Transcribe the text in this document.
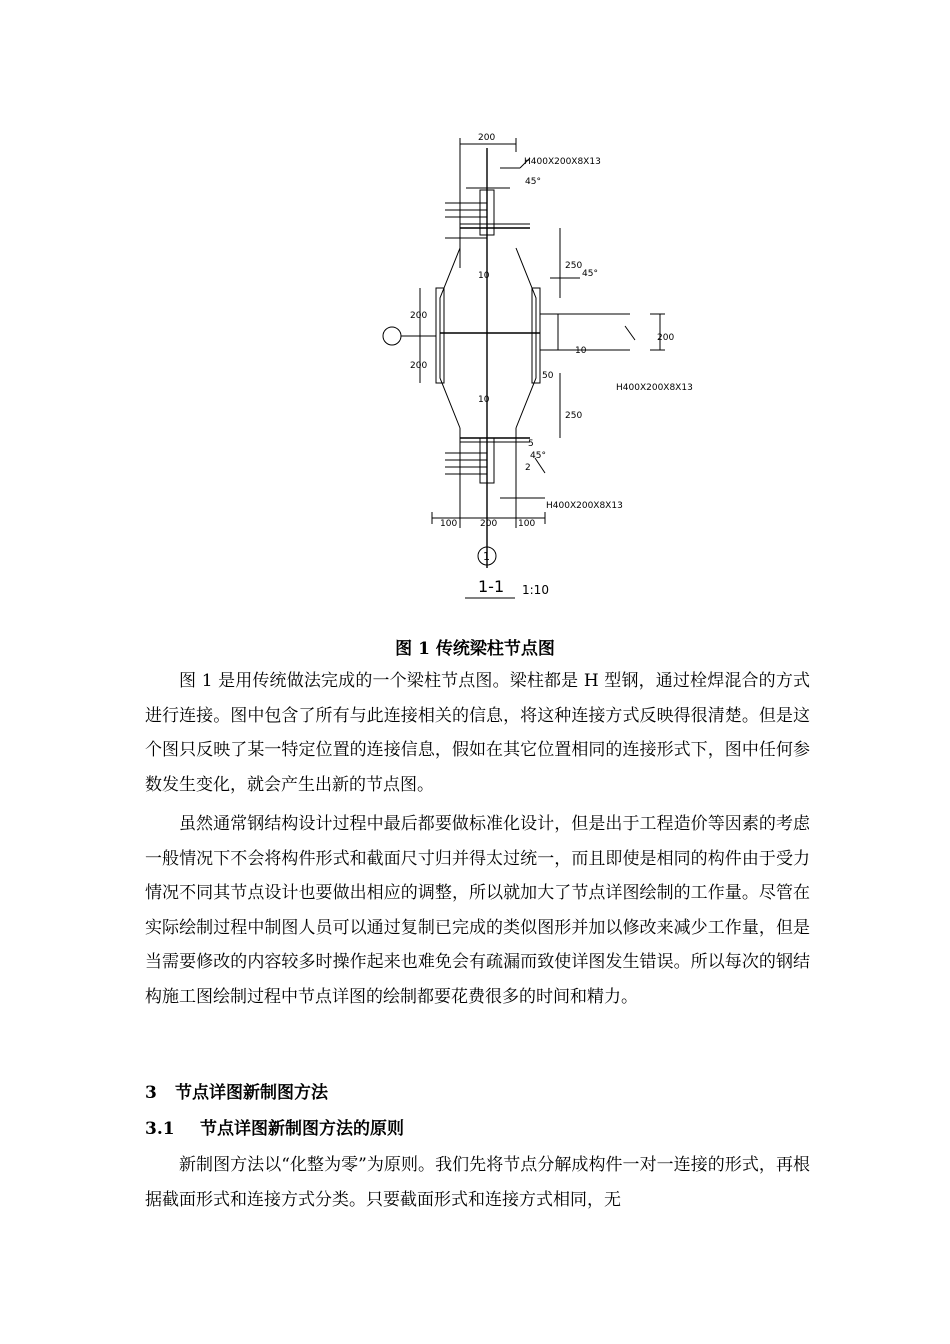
200
H400X200X8X13
45°
250
45°
200
200
200
10
10
10
50
H400X200X8X13
250
5
45°
2
H400X200X8X13
100	200 100
1
1-1 1:10
图 1 传统梁柱节点图

图 1 是用传统做法完成的一个梁柱节点图。梁柱都是 H 型钢，通过栓焊混合的方式进行连接。图中包含了所有与此连接相关的信息，将这种连接方式反映得很清楚。但是这个图只反映了某一特定位置的连接信息，假如在其它位置相同的连接形式下，图中任何参数发生变化，就会产生出新的节点图。

虽然通常钢结构设计过程中最后都要做标准化设计，但是出于工程造价等因素的考虑一般情况下不会将构件形式和截面尺寸归并得太过统一，而且即使是相同的构件由于受力情况不同其节点设计也要做出相应的调整，所以就加大了节点详图绘制的工作量。尽管在实际绘制过程中制图人员可以通过复制已完成的类似图形并加以修改来减少工作量，但是当需要修改的内容较多时操作起来也难免会有疏漏而致使详图发生错误。所以每次的钢结构施工图绘制过程中节点详图的绘制都要花费很多的时间和精力。

3 节点详图新制图方法
3.1 节点详图新制图方法的原则

新制图方法以“化整为零”为原则。我们先将节点分解成构件一对一连接的形式，再根据截面形式和连接方式分类。只要截面形式和连接方式相同，无
